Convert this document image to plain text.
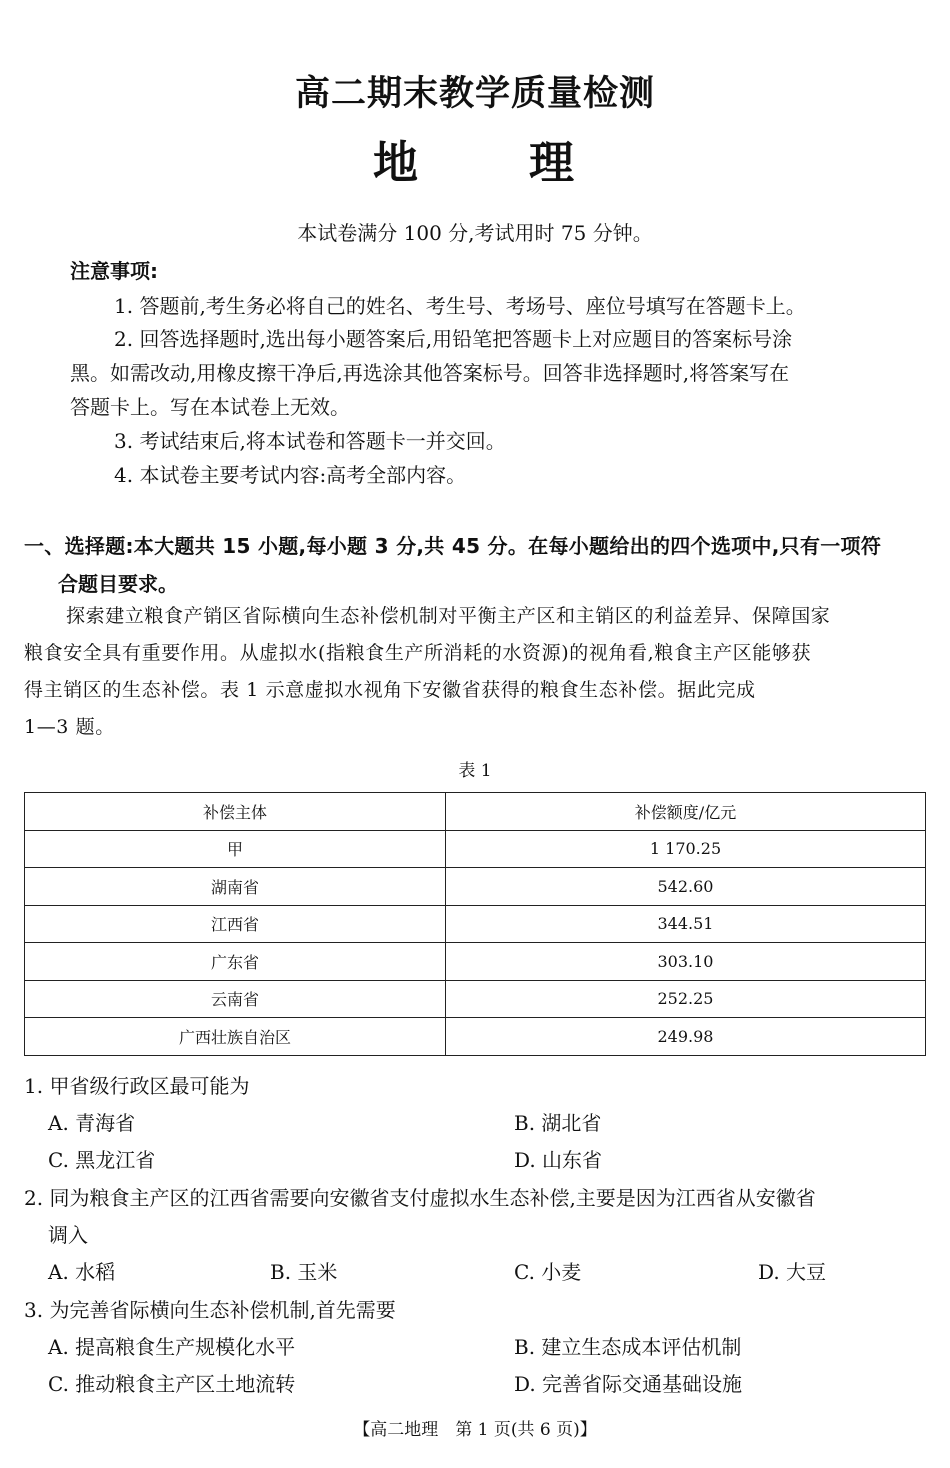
高二期末教学质量检测
地 理
本试卷满分 100 分,考试用时 75 分钟。
注意事项:
1. 答题前,考生务必将自己的姓名、考生号、考场号、座位号填写在答题卡上。
2. 回答选择题时,选出每小题答案后,用铅笔把答题卡上对应题目的答案标号涂
黑。如需改动,用橡皮擦干净后,再选涂其他答案标号。回答非选择题时,将答案写在
答题卡上。写在本试卷上无效。
3. 考试结束后,将本试卷和答题卡一并交回。
4. 本试卷主要考试内容:高考全部内容。
一、选择题:本大题共 15 小题,每小题 3 分,共 45 分。在每小题给出的四个选项中,只有一项符
合题目要求。
探索建立粮食产销区省际横向生态补偿机制对平衡主产区和主销区的利益差异、保障国家
粮食安全具有重要作用。从虚拟水(指粮食生产所消耗的水资源)的视角看,粮食主产区能够获
得主销区的生态补偿。表 1 示意虚拟水视角下安徽省获得的粮食生态补偿。据此完成
1—3 题。
表 1
补偿主体	补偿额度/亿元
甲	1 170.25
湖南省	542.60
江西省	344.51
广东省	303.10
云南省	252.25
广西壮族自治区	249.98
1. 甲省级行政区最可能为
A. 青海省	B. 湖北省
C. 黑龙江省	D. 山东省
2. 同为粮食主产区的江西省需要向安徽省支付虚拟水生态补偿,主要是因为江西省从安徽省
调入
A. 水稻	B. 玉米	C. 小麦	D. 大豆
3. 为完善省际横向生态补偿机制,首先需要
A. 提高粮食生产规模化水平	B. 建立生态成本评估机制
C. 推动粮食主产区土地流转	D. 完善省际交通基础设施
【高二地理　第 1 页(共 6 页)】
